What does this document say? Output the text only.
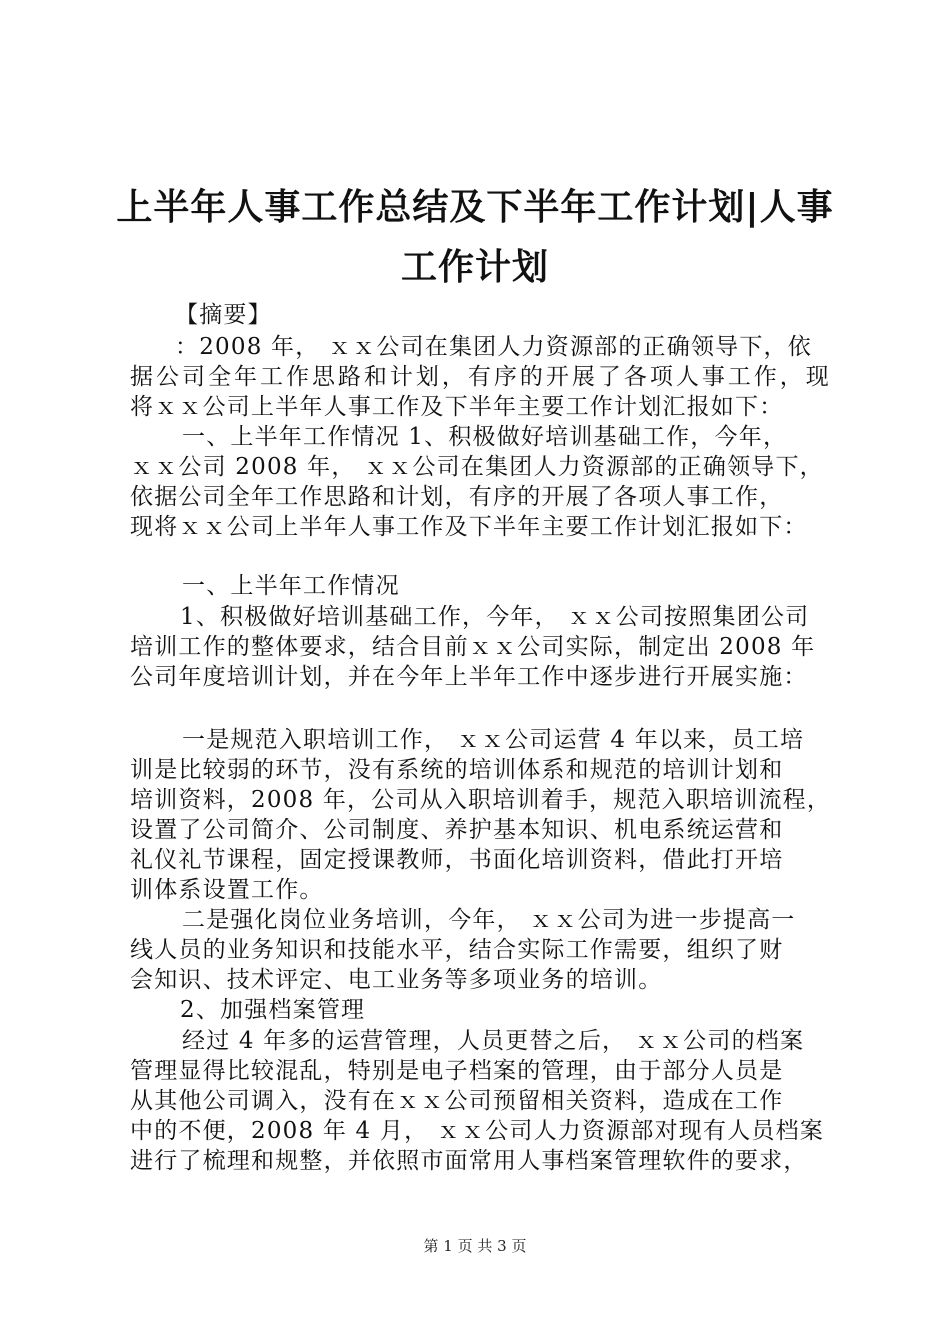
上半年人事工作总结及下半年工作计划|人事
工作计划
【摘要】
：2008 年， ｘｘ公司在集团人力资源部的正确领导下，依
据公司全年工作思路和计划，有序的开展了各项人事工作，现
将ｘｘ公司上半年人事工作及下半年主要工作计划汇报如下：
一、上半年工作情况 1、积极做好培训基础工作，今年，
ｘｘ公司 2008 年， ｘｘ公司在集团人力资源部的正确领导下，
依据公司全年工作思路和计划，有序的开展了各项人事工作，
现将ｘｘ公司上半年人事工作及下半年主要工作计划汇报如下：
一、上半年工作情况
1、积极做好培训基础工作，今年， ｘｘ公司按照集团公司
培训工作的整体要求，结合目前ｘｘ公司实际，制定出 2008 年
公司年度培训计划，并在今年上半年工作中逐步进行开展实施：
一是规范入职培训工作， ｘｘ公司运营 4 年以来，员工培
训是比较弱的环节，没有系统的培训体系和规范的培训计划和
培训资料，2008 年，公司从入职培训着手，规范入职培训流程，
设置了公司简介、公司制度、养护基本知识、机电系统运营和
礼仪礼节课程，固定授课教师，书面化培训资料，借此打开培
训体系设置工作。
二是强化岗位业务培训，今年， ｘｘ公司为进一步提高一
线人员的业务知识和技能水平，结合实际工作需要，组织了财
会知识、技术评定、电工业务等多项业务的培训。
2、加强档案管理
经过 4 年多的运营管理，人员更替之后， ｘｘ公司的档案
管理显得比较混乱，特别是电子档案的管理，由于部分人员是
从其他公司调入，没有在ｘｘ公司预留相关资料，造成在工作
中的不便，2008 年 4 月， ｘｘ公司人力资源部对现有人员档案
进行了梳理和规整，并依照市面常用人事档案管理软件的要求，
第 1 页 共 3 页
